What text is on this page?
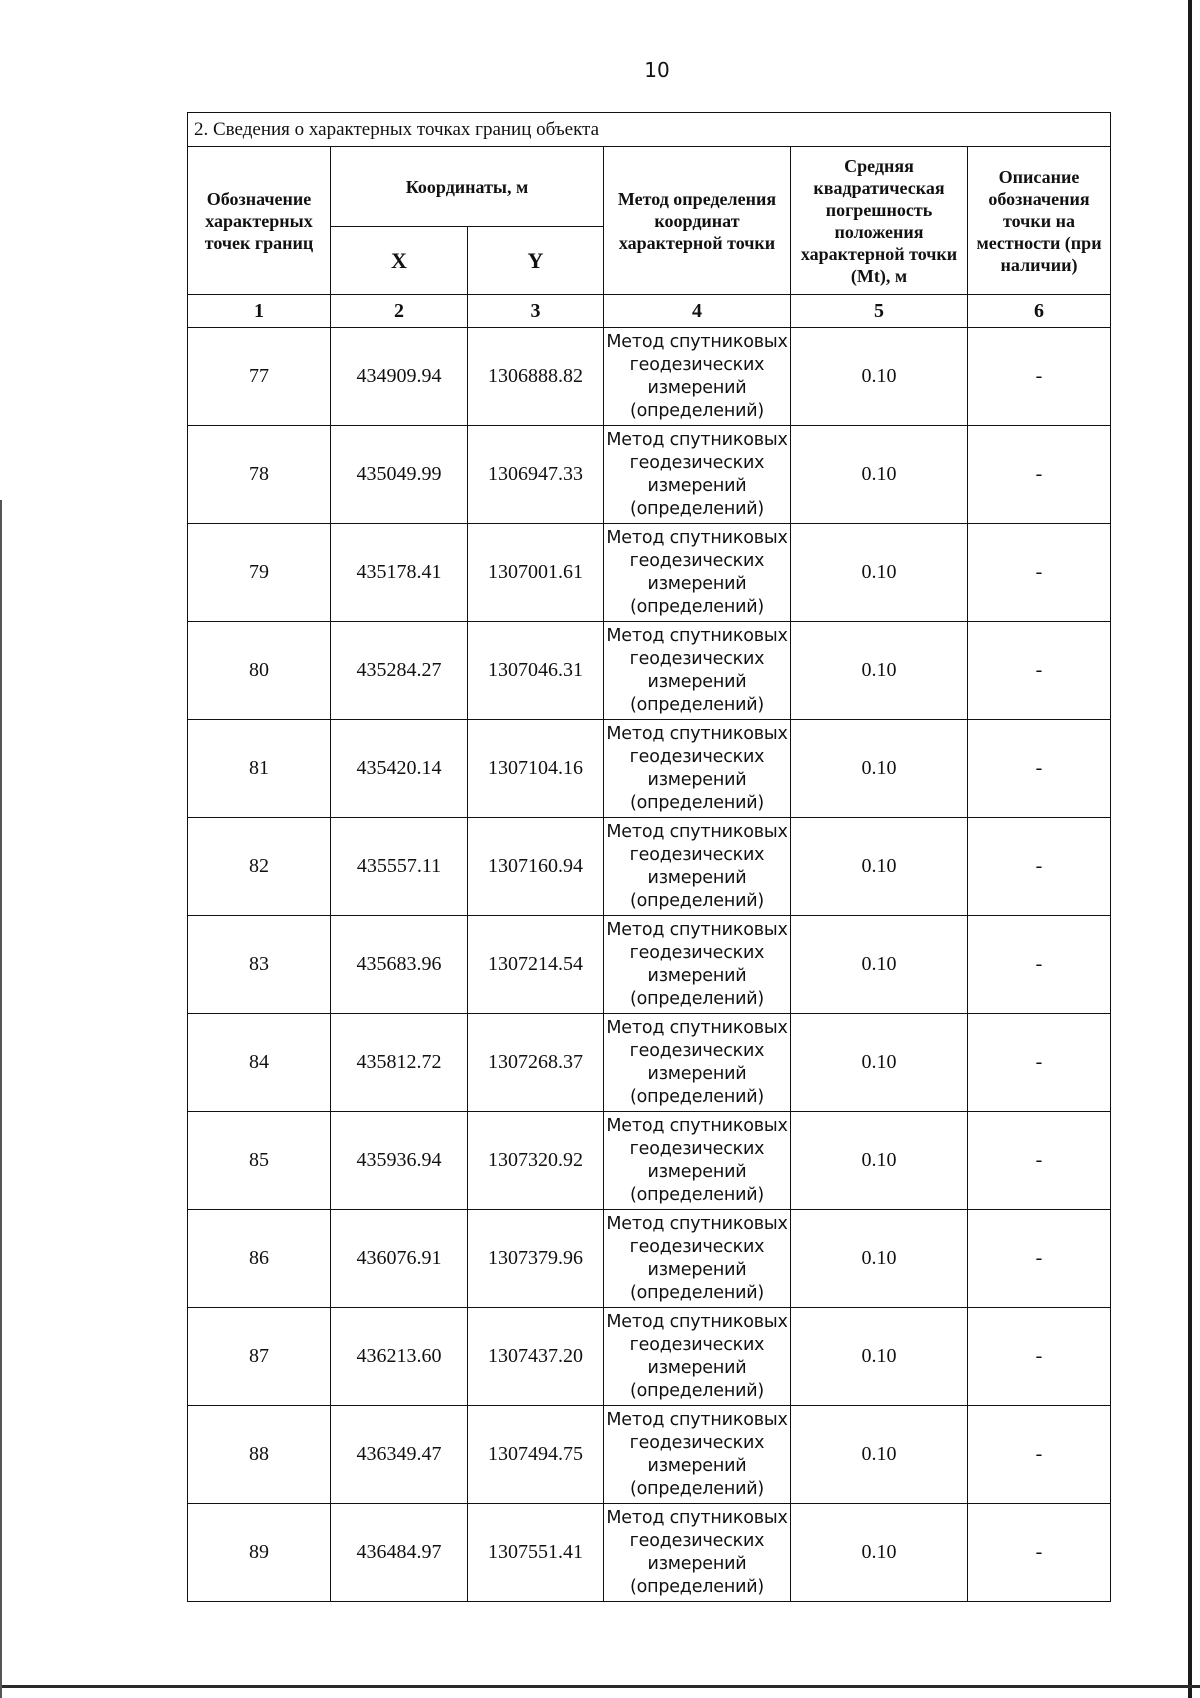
10
2. Сведения о характерных точках границ объекта					
Обозначение характерных точек границ	Координаты, м		Метод определения координат характерной точки	Средняя квадратическая погрешность положения характерной точки (Mt), м	Описание обозначения точки на местности (при наличии)
	X	Y			
1	2	3	4	5	6
77	434909.94	1306888.82	Метод спутниковых геодезических измерений (определений)	0.10	-
78	435049.99	1306947.33	Метод спутниковых геодезических измерений (определений)	0.10	-
79	435178.41	1307001.61	Метод спутниковых геодезических измерений (определений)	0.10	-
80	435284.27	1307046.31	Метод спутниковых геодезических измерений (определений)	0.10	-
81	435420.14	1307104.16	Метод спутниковых геодезических измерений (определений)	0.10	-
82	435557.11	1307160.94	Метод спутниковых геодезических измерений (определений)	0.10	-
83	435683.96	1307214.54	Метод спутниковых геодезических измерений (определений)	0.10	-
84	435812.72	1307268.37	Метод спутниковых геодезических измерений (определений)	0.10	-
85	435936.94	1307320.92	Метод спутниковых геодезических измерений (определений)	0.10	-
86	436076.91	1307379.96	Метод спутниковых геодезических измерений (определений)	0.10	-
87	436213.60	1307437.20	Метод спутниковых геодезических измерений (определений)	0.10	-
88	436349.47	1307494.75	Метод спутниковых геодезических измерений (определений)	0.10	-
89	436484.97	1307551.41	Метод спутниковых геодезических измерений (определений)	0.10	-
